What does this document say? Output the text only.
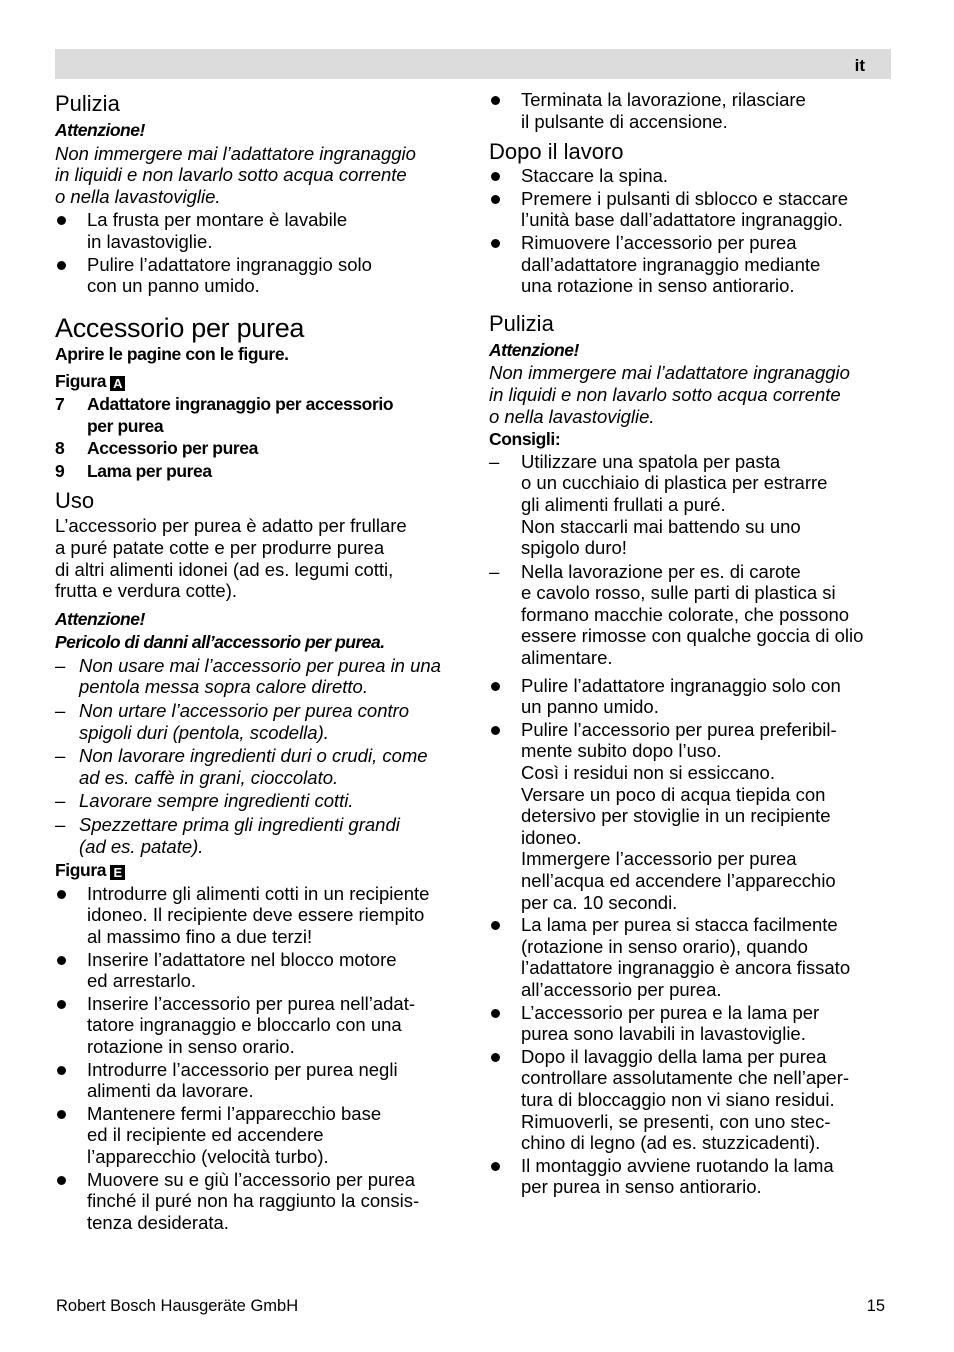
it
Pulizia

Attenzione!

Non immergere mai l’adattatore ingranaggio
in liquidi e non lavarlo sotto acqua corrente
o nella lavastoviglie.

La frusta per montare è lavabile
in lavastoviglie.
Pulire l’adattatore ingranaggio solo
con un panno umido.
Accessorio per purea

Aprire le pagine con le figure.

Figura A

7 Adattatore ingranaggio per accessorio
per purea
8 Accessorio per purea
9 Lama per purea
Uso

L’accessorio per purea è adatto per frullare
a puré patate cotte e per produrre purea
di altri alimenti idonei (ad es. legumi cotti,
frutta e verdura cotte).

Attenzione!

Pericolo di danni all’accessorio per purea.

– Non usare mai l’accessorio per purea in una
pentola messa sopra calore diretto.
– Non urtare l’accessorio per purea contro
spigoli duri (pentola, scodella).
– Non lavorare ingredienti duri o crudi, come
ad es. caffè in grani, cioccolato.
– Lavorare sempre ingredienti cotti.
– Spezzettare prima gli ingredienti grandi
(ad es. patate).

Figura E

Introdurre gli alimenti cotti in un recipiente
idoneo. Il recipiente deve essere riempito
al massimo fino a due terzi!
Inserire l’adattatore nel blocco motore
ed arrestarlo.
Inserire l’accessorio per purea nell’adat-
tatore ingranaggio e bloccarlo con una
rotazione in senso orario.
Introdurre l’accessorio per purea negli
alimenti da lavorare.
Mantenere fermi l’apparecchio base
ed il recipiente ed accendere
l’apparecchio (velocità turbo).
Muovere su e giù l’accessorio per purea
finché il puré non ha raggiunto la consis-
tenza desiderata.
Terminata la lavorazione, rilasciare
il pulsante di accensione.
Dopo il lavoro
Staccare la spina.
Premere i pulsanti di sblocco e staccare
l’unità base dall’adattatore ingranaggio.
Rimuovere l’accessorio per purea
dall’adattatore ingranaggio mediante
una rotazione in senso antiorario.
Pulizia

Attenzione!

Non immergere mai l’adattatore ingranaggio
in liquidi e non lavarlo sotto acqua corrente
o nella lavastoviglie.

Consigli:

– Utilizzare una spatola per pasta
o un cucchiaio di plastica per estrarre
gli alimenti frullati a puré.
Non staccarli mai battendo su uno
spigolo duro!
– Nella lavorazione per es. di carote
e cavolo rosso, sulle parti di plastica si
formano macchie colorate, che possono
essere rimosse con qualche goccia di olio
alimentare.
Pulire l’adattatore ingranaggio solo con
un panno umido.
Pulire l’accessorio per purea preferibil-
mente subito dopo l’uso.
Così i residui non si essiccano.
Versare un poco di acqua tiepida con
detersivo per stoviglie in un recipiente
idoneo.
Immergere l’accessorio per purea
nell’acqua ed accendere l’apparecchio
per ca. 10 secondi.
La lama per purea si stacca facilmente
(rotazione in senso orario), quando
l’adattatore ingranaggio è ancora fissato
all’accessorio per purea.
L’accessorio per purea e la lama per
purea sono lavabili in lavastoviglie.
Dopo il lavaggio della lama per purea
controllare assolutamente che nell’aper-
tura di bloccaggio non vi siano residui.
Rimuoverli, se presenti, con uno stec-
chino di legno (ad es. stuzzicadenti).
Il montaggio avviene ruotando la lama
per purea in senso antiorario.
Robert Bosch Hausgeräte GmbH	15
